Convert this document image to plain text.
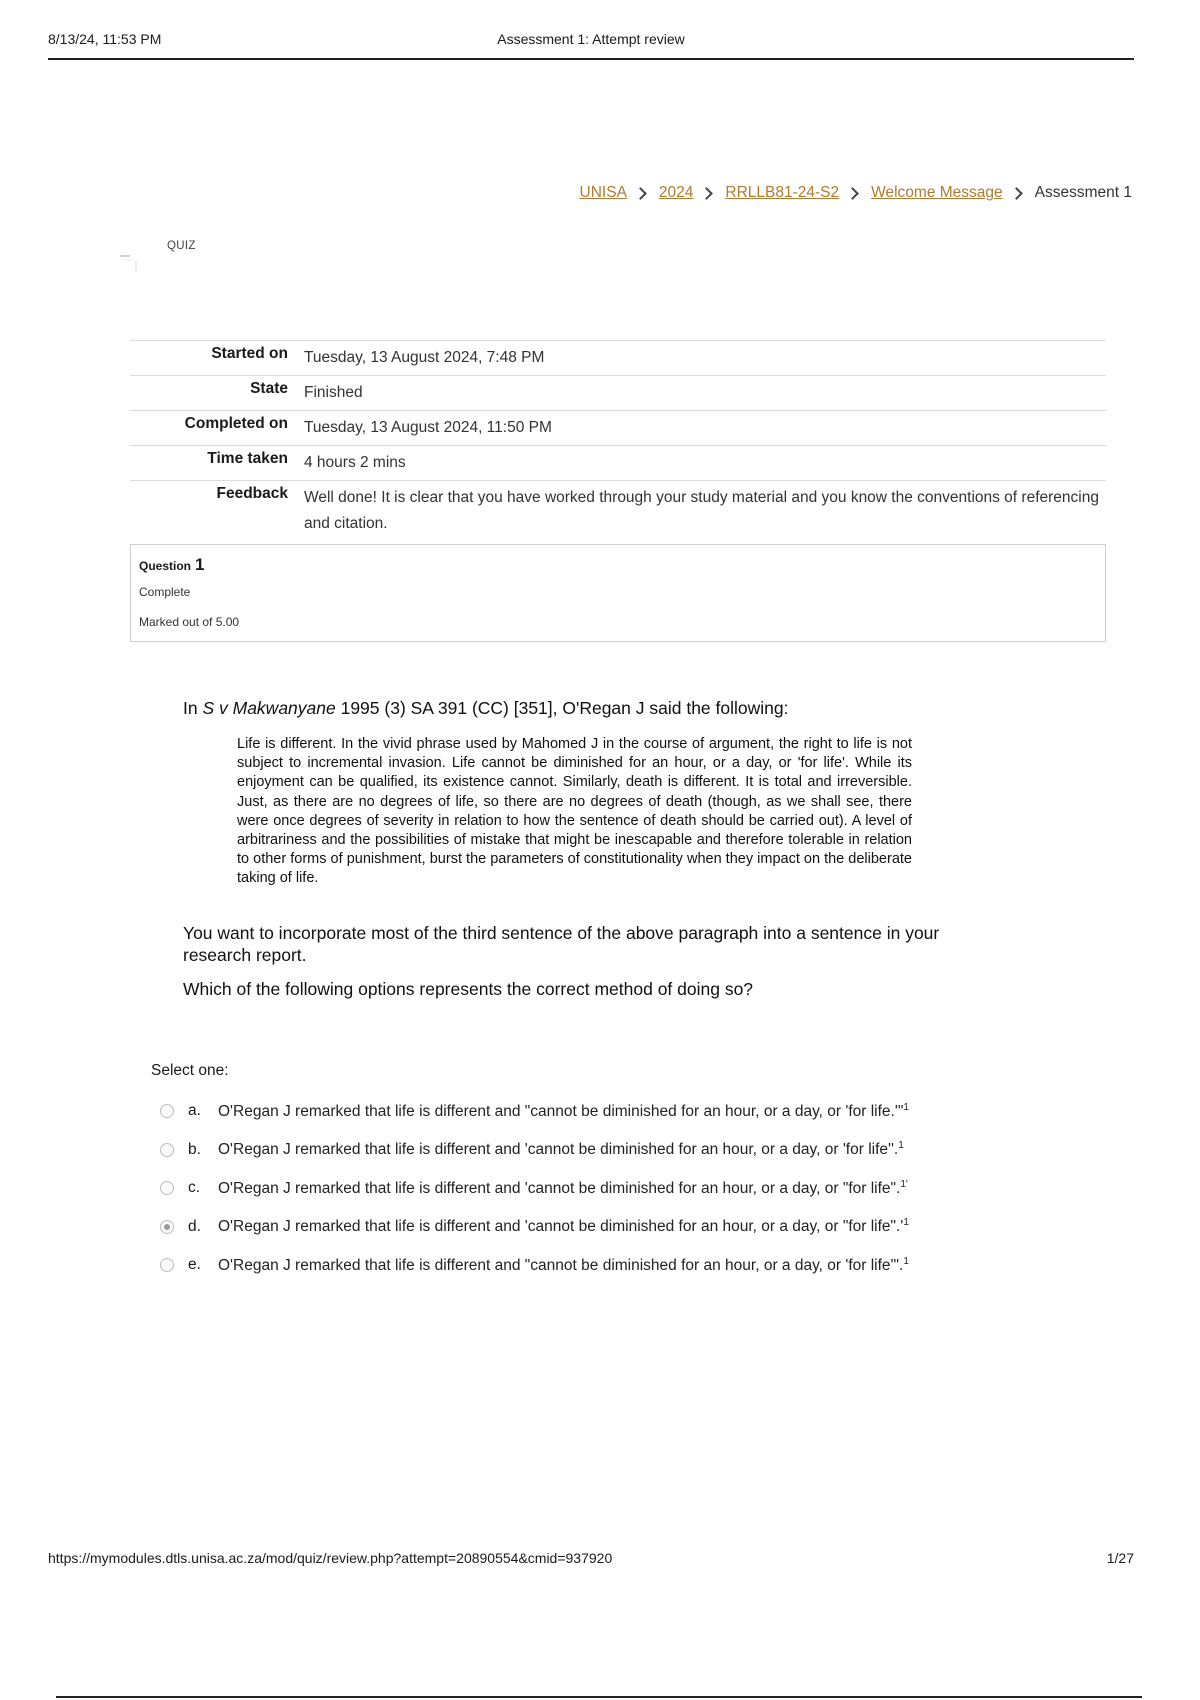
8/13/24, 11:53 PM	Assessment 1: Attempt review
UNISA 2024 RRLLB81-24-S2 Welcome Message Assessment 1
QUIZ
Started on	Tuesday, 13 August 2024, 7:48 PM
State	Finished
Completed on	Tuesday, 13 August 2024, 11:50 PM
Time taken	4 hours 2 mins
Feedback	Well done! It is clear that you have worked through your study material and you know the conventions of referencing and citation.
Question 1
Complete
Marked out of 5.00
In S v Makwanyane 1995 (3) SA 391 (CC) [351], O'Regan J said the following:
Life is different. In the vivid phrase used by Mahomed J in the course of argument, the right to life is not subject to incremental invasion. Life cannot be diminished for an hour, or a day, or 'for life'. While its enjoyment can be qualified, its existence cannot. Similarly, death is different. It is total and irreversible. Just, as there are no degrees of life, so there are no degrees of death (though, as we shall see, there were once degrees of severity in relation to how the sentence of death should be carried out). A level of arbitrariness and the possibilities of mistake that might be inescapable and therefore tolerable in relation to other forms of punishment, burst the parameters of constitutionality when they impact on the deliberate taking of life.
You want to incorporate most of the third sentence of the above paragraph into a sentence in your research report.
Which of the following options represents the correct method of doing so?
Select one:
a.	O'Regan J remarked that life is different and "cannot be diminished for an hour, or a day, or 'for life.'"$^1$
b.	O'Regan J remarked that life is different and 'cannot be diminished for an hour, or a day, or 'for life''.$^1$
c.	O'Regan J remarked that life is different and 'cannot be diminished for an hour, or a day, or "for life".$^{1'}$
d.	O'Regan J remarked that life is different and 'cannot be diminished for an hour, or a day, or "for $life".'^1$
e.	O'Regan J remarked that life is different and "cannot be diminished for an hour, or a day, or 'for life'".$^1$
https://mymodules.dtls.unisa.ac.za/mod/quiz/review.php?attempt=20890554&cmid=937920	1/27
